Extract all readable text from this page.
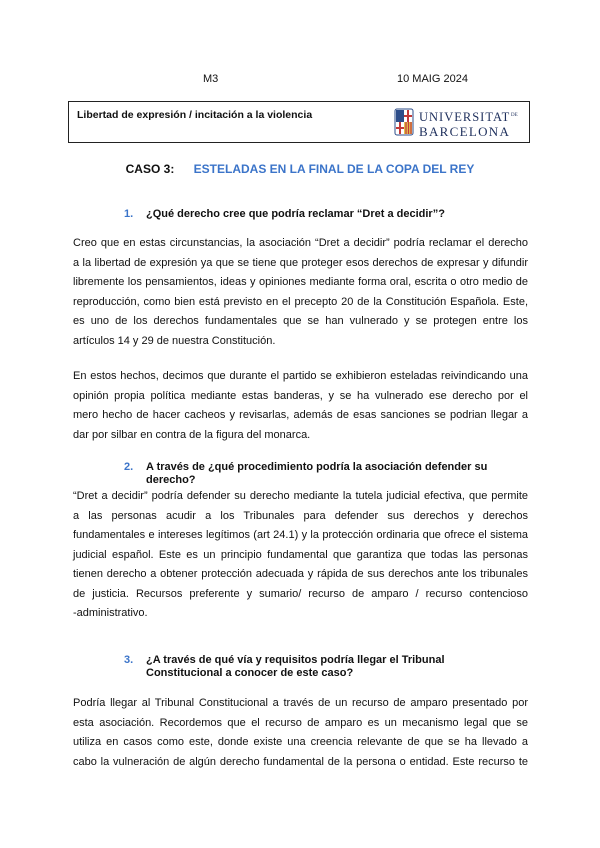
M3	10 MAIG 2024
Libertad de expresión / incitación a la violencia	UNIVERSITAT DE
BARCELONA
CASO 3: ESTELADAS EN LA FINAL DE LA COPA DEL REY
1. ¿Qué derecho cree que podría reclamar “Dret a decidir”?
Creo que en estas circunstancias, la asociación “Dret a decidir” podría reclamar el derecho
a la libertad de expresión ya que se tiene que proteger esos derechos de expresar y difundir
libremente los pensamientos, ideas y opiniones mediante forma oral, escrita o otro medio de
reproducción, como bien está previsto en el precepto 20 de la Constitución Española. Este,
es uno de los derechos fundamentales que se han vulnerado y se protegen entre los
artículos 14 y 29 de nuestra Constitución.
En estos hechos, decimos que durante el partido se exhibieron esteladas reivindicando una
opinión propia política mediante estas banderas, y se ha vulnerado ese derecho por el
mero hecho de hacer cacheos y revisarlas, además de esas sanciones se podrian llegar a
dar por silbar en contra de la figura del monarca.
2. A través de ¿qué procedimiento podría la asociación defender su
derecho?
“Dret a decidir” podría defender su derecho mediante la tutela judicial efectiva, que permite
a las personas acudir a los Tribunales para defender sus derechos y derechos
fundamentales e intereses legítimos (art 24.1) y la protección ordinaria que ofrece el sistema
judicial español. Este es un principio fundamental que garantiza que todas las personas
tienen derecho a obtener protección adecuada y rápida de sus derechos ante los tribunales
de justicia. Recursos preferente y sumario/ recurso de amparo / recurso contencioso
-administrativo.
3. ¿A través de qué vía y requisitos podría llegar el Tribunal
Constitucional a conocer de este caso?
Podría llegar al Tribunal Constitucional a través de un recurso de amparo presentado por
esta asociación. Recordemos que el recurso de amparo es un mecanismo legal que se
utiliza en casos como este, donde existe una creencia relevante de que se ha llevado a
cabo la vulneración de algún derecho fundamental de la persona o entidad. Este recurso te
